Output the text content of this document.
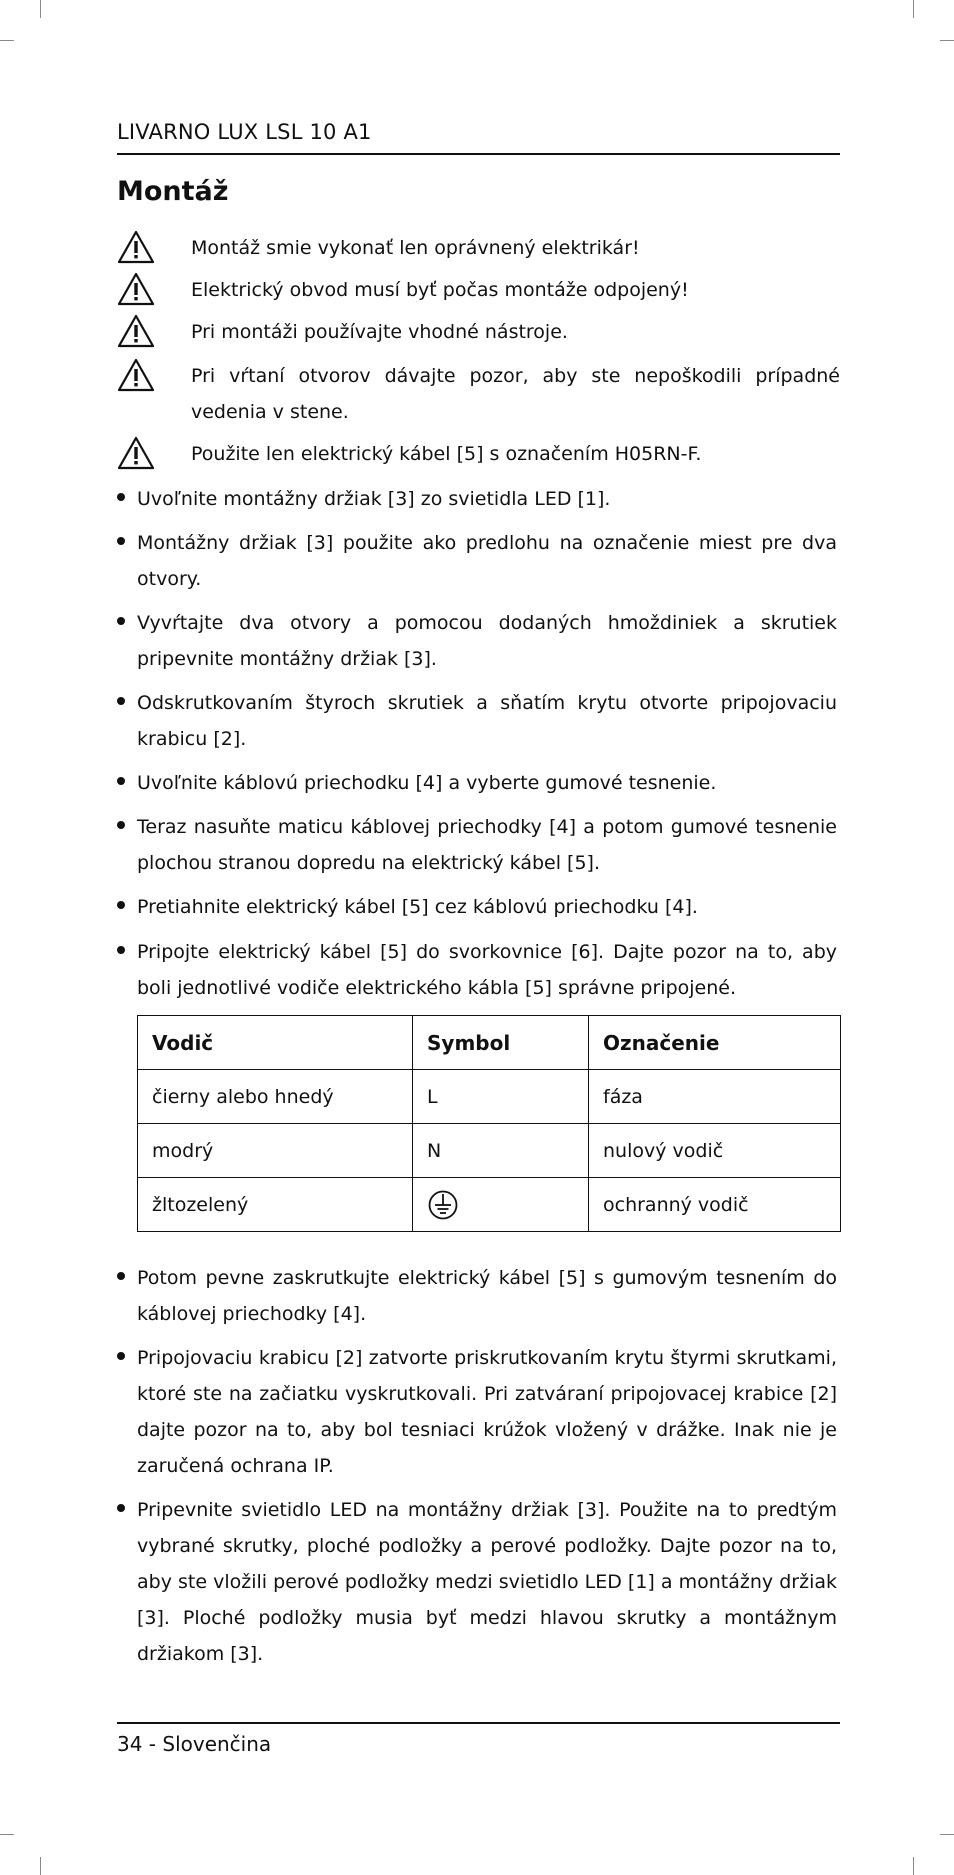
LIVARNO LUX LSL 10 A1
Montáž
Montáž smie vykonať len oprávnený elektrikár!
Elektrický obvod musí byť počas montáže odpojený!
Pri montáži používajte vhodné nástroje.
Pri vŕtaní otvorov dávajte pozor, aby ste nepoškodili prípadné vedenia v stene.
Použite len elektrický kábel [5] s označením H05RN-F.
Uvoľnite montážny držiak [3] zo svietidla LED [1].
Montážny držiak [3] použite ako predlohu na označenie miest pre dva otvory.
Vyvŕtajte dva otvory a pomocou dodaných hmoždiniek a skrutiek pripevnite montážny držiak [3].
Odskrutkovaním štyroch skrutiek a sňatím krytu otvorte pripojovaciu krabicu [2].
Uvoľnite káblovú priechodku [4] a vyberte gumové tesnenie.
Teraz nasuňte maticu káblovej priechodky [4] a potom gumové tesnenie plochou stranou dopredu na elektrický kábel [5].
Pretiahnite elektrický kábel [5] cez káblovú priechodku [4].
Pripojte elektrický kábel [5] do svorkovnice [6]. Dajte pozor na to, aby boli jednotlivé vodiče elektrického kábla [5] správne pripojené.
Vodič	Symbol	Označenie
čierny alebo hnedý	L	fáza
modrý	N	nulový vodič
žltozelený		ochranný vodič
Potom pevne zaskrutkujte elektrický kábel [5] s gumovým tesnením do káblovej priechodky [4].
Pripojovaciu krabicu [2] zatvorte priskrutkovaním krytu štyrmi skrutkami, ktoré ste na začiatku vyskrutkovali. Pri zatváraní pripojovacej krabice [2] dajte pozor na to, aby bol tesniaci krúžok vložený v drážke. Inak nie je zaručená ochrana IP.
Pripevnite svietidlo LED na montážny držiak [3]. Použite na to predtým vybrané skrutky, ploché podložky a perové podložky. Dajte pozor na to, aby ste vložili perové podložky medzi svietidlo LED [1] a montážny držiak [3]. Ploché podložky musia byť medzi hlavou skrutky a montážnym držiakom [3].
34 - Slovenčina
